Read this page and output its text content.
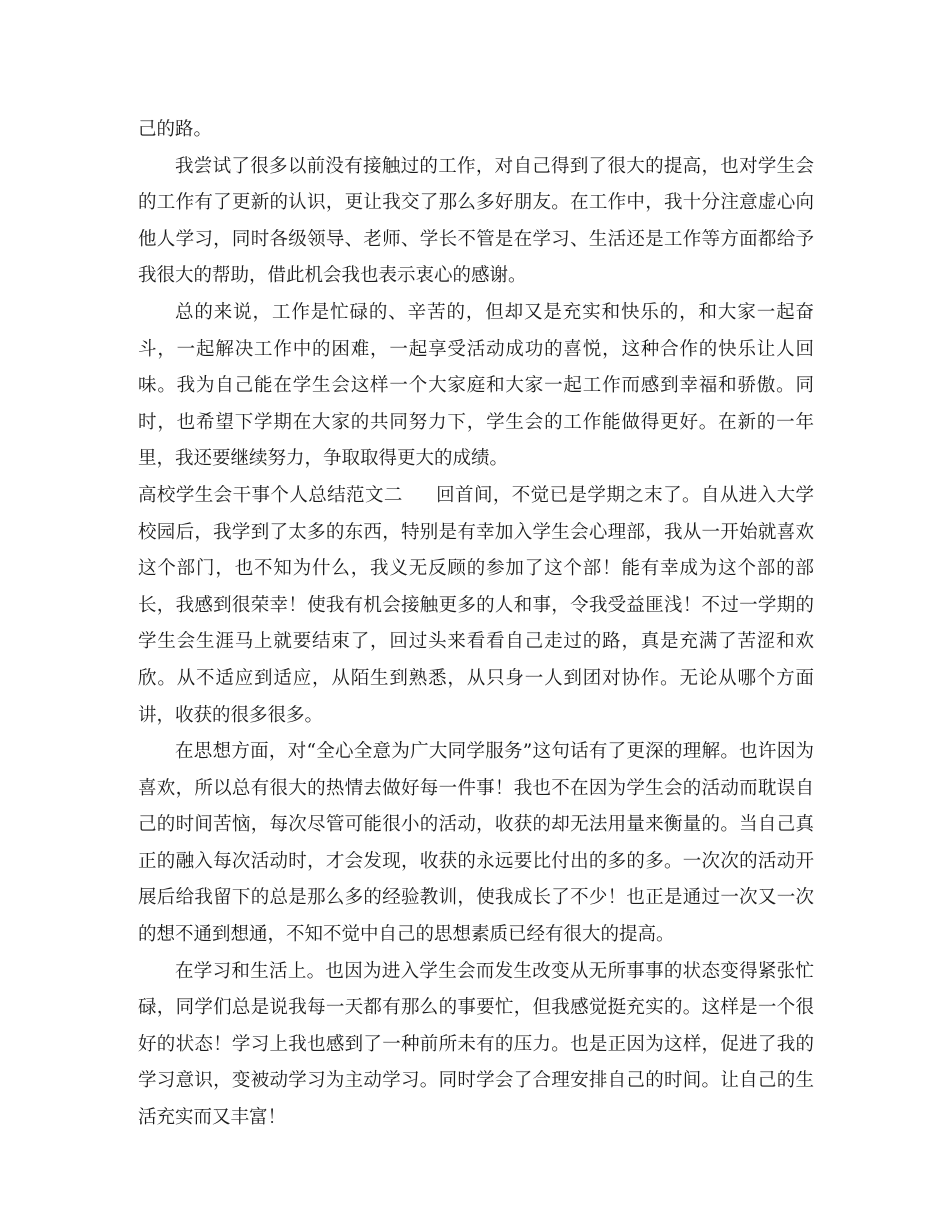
己的路。

我尝试了很多以前没有接触过的工作，对自己得到了很大的提高，也对学生会的工作有了更新的认识，更让我交了那么多好朋友。在工作中，我十分注意虚心向他人学习，同时各级领导、老师、学长不管是在学习、生活还是工作等方面都给予我很大的帮助，借此机会我也表示衷心的感谢。

总的来说，工作是忙碌的、辛苦的，但却又是充实和快乐的，和大家一起奋斗，一起解决工作中的困难，一起享受活动成功的喜悦，这种合作的快乐让人回味。我为自己能在学生会这样一个大家庭和大家一起工作而感到幸福和骄傲。同时，也希望下学期在大家的共同努力下，学生会的工作能做得更好。在新的一年里，我还要继续努力，争取取得更大的成绩。

高校学生会干事个人总结范文二 回首间，不觉已是学期之末了。自从进入大学校园后，我学到了太多的东西，特别是有幸加入学生会心理部，我从一开始就喜欢这个部门，也不知为什么，我义无反顾的参加了这个部！能有幸成为这个部的部长，我感到很荣幸！使我有机会接触更多的人和事，令我受益匪浅！不过一学期的学生会生涯马上就要结束了，回过头来看看自己走过的路，真是充满了苦涩和欢欣。从不适应到适应，从陌生到熟悉，从只身一人到团对协作。无论从哪个方面讲，收获的很多很多。

在思想方面，对“全心全意为广大同学服务”这句话有了更深的理解。也许因为喜欢，所以总有很大的热情去做好每一件事！我也不在因为学生会的活动而耽误自己的时间苦恼，每次尽管可能很小的活动，收获的却无法用量来衡量的。当自己真正的融入每次活动时，才会发现，收获的永远要比付出的多的多。一次次的活动开展后给我留下的总是那么多的经验教训，使我成长了不少！也正是通过一次又一次的想不通到想通，不知不觉中自己的思想素质已经有很大的提高。

在学习和生活上。也因为进入学生会而发生改变从无所事事的状态变得紧张忙碌，同学们总是说我每一天都有那么的事要忙，但我感觉挺充实的。这样是一个很好的状态！学习上我也感到了一种前所未有的压力。也是正因为这样，促进了我的学习意识，变被动学习为主动学习。同时学会了合理安排自己的时间。让自己的生活充实而又丰富！
